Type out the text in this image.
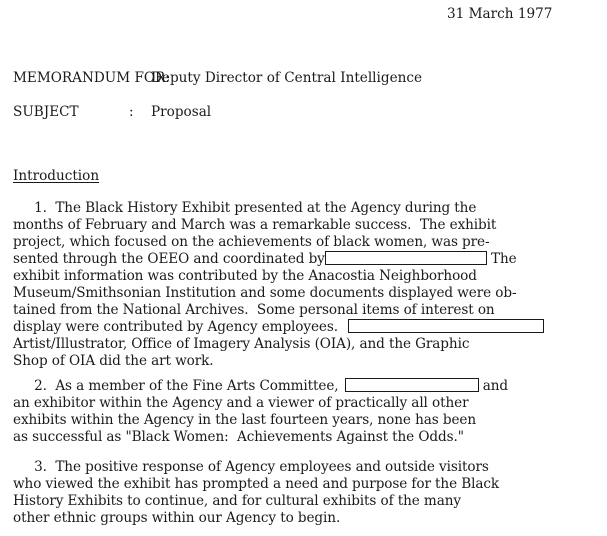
31 March 1977
MEMORANDUM FOR:
Deputy Director of Central Intelligence
SUBJECT	: Proposal
Introduction
1.  The Black History Exhibit presented at the Agency during the
months of February and March was a remarkable success.  The exhibit
project, which focused on the achievements of black women, was pre-
sented through the OEEO and coordinated by	The
exhibit information was contributed by the Anacostia Neighborhood
Museum/Smithsonian Institution and some documents displayed were ob-
tained from the National Archives.  Some personal items of interest on
display were contributed by Agency employees.
Artist/Illustrator, Office of Imagery Analysis (OIA), and the Graphic
Shop of OIA did the art work.
2.  As a member of the Fine Arts Committee,	and
an exhibitor within the Agency and a viewer of practically all other
exhibits within the Agency in the last fourteen years, none has been
as successful as "Black Women:  Achievements Against the Odds."
3.  The positive response of Agency employees and outside visitors
who viewed the exhibit has prompted a need and purpose for the Black
History Exhibits to continue, and for cultural exhibits of the many
other ethnic groups within our Agency to begin.
